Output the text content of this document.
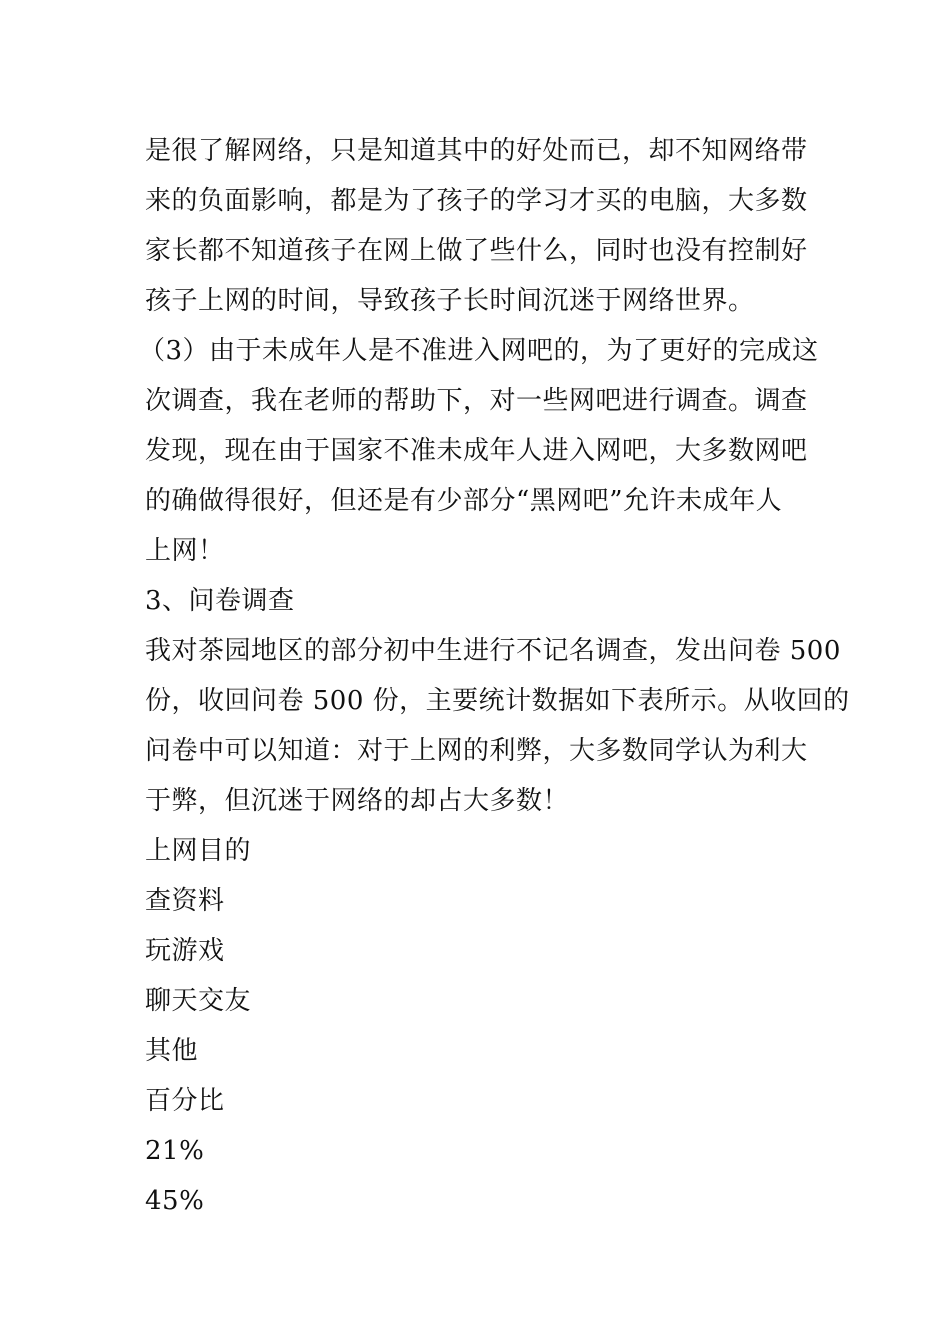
是很了解网络，只是知道其中的好处而已，却不知网络带
来的负面影响，都是为了孩子的学习才买的电脑，大多数
家长都不知道孩子在网上做了些什么，同时也没有控制好
孩子上网的时间，导致孩子长时间沉迷于网络世界。
（3）由于未成年人是不准进入网吧的，为了更好的完成这
次调查，我在老师的帮助下，对一些网吧进行调查。调查
发现，现在由于国家不准未成年人进入网吧，大多数网吧
的确做得很好，但还是有少部分“黑网吧”允许未成年人
上网！
3、问卷调查
我对茶园地区的部分初中生进行不记名调查，发出问卷 500
份，收回问卷 500 份，主要统计数据如下表所示。从收回的
问卷中可以知道：对于上网的利弊，大多数同学认为利大
于弊，但沉迷于网络的却占大多数！
上网目的
查资料
玩游戏
聊天交友
其他
百分比
21%
45%
